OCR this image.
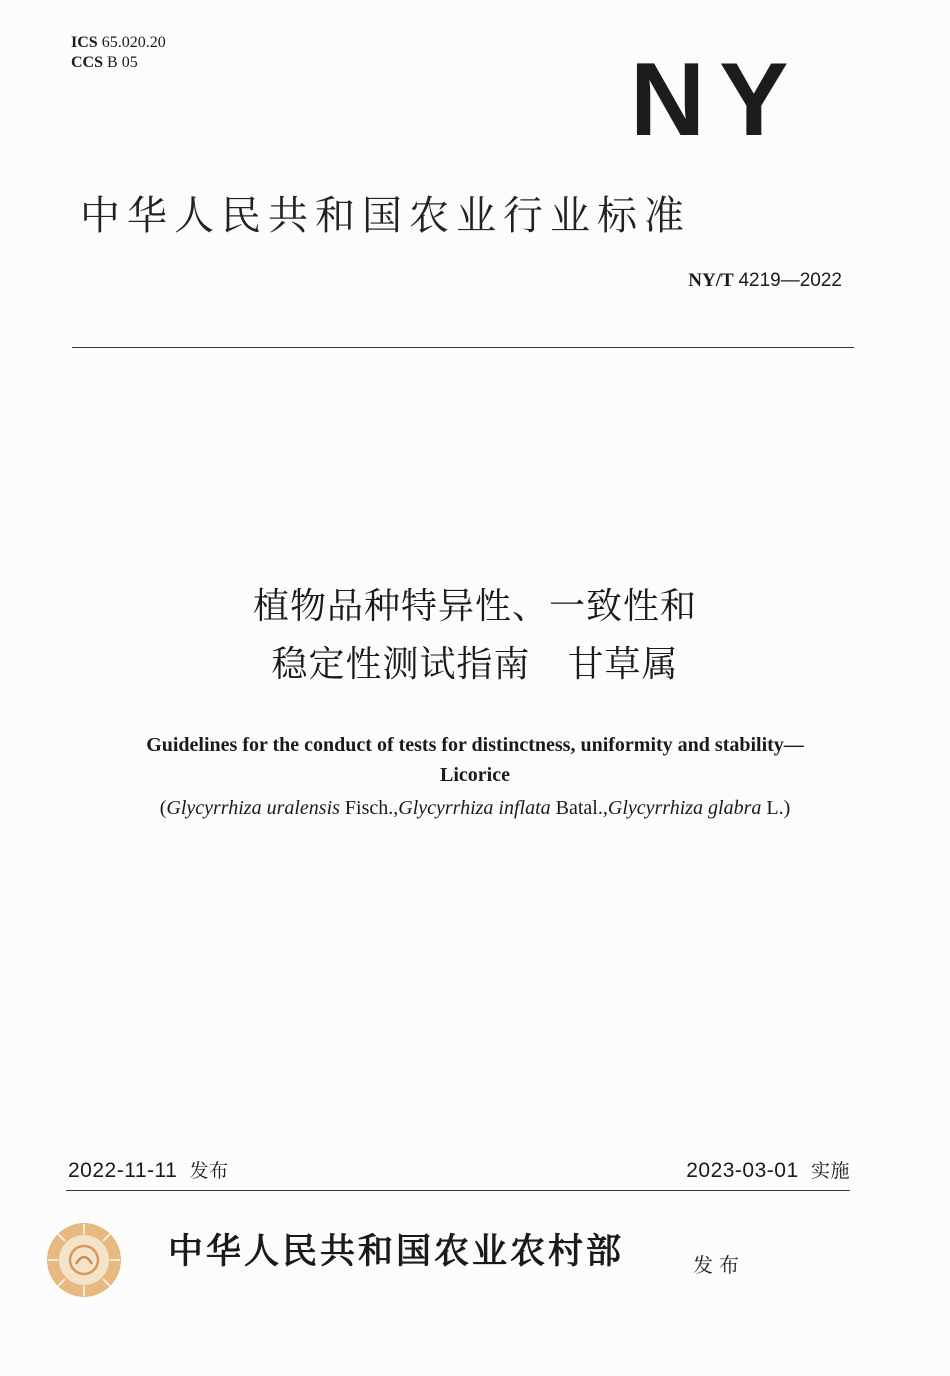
ICS 65.020.20
CCS B 05	NY
中华人民共和国农业行业标准
NY/T 4219—2022
植物品种特异性、一致性和
稳定性测试指南　甘草属
Guidelines for the conduct of tests for distinctness, uniformity and stability—
Licorice
(Glycyrrhiza uralensis Fisch.,Glycyrrhiza inflata Batal.,Glycyrrhiza glabra L.)
2022-11-11 发布	2023-03-01 实施
中华人民共和国农业农村部	发布
